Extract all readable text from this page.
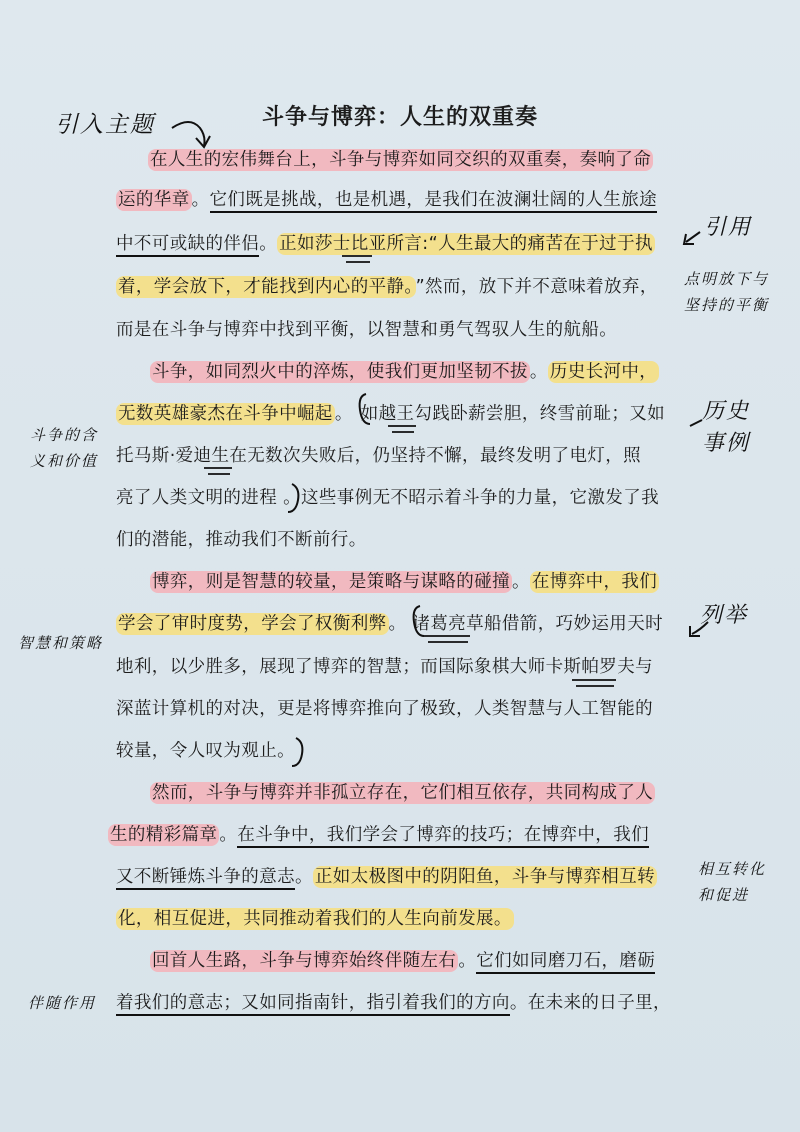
斗争与博弈：人生的双重奏
引入主题
引用
点明放下与
坚持的平衡
斗争的含
义和价值
历史
事例
智慧和策略
列举
相互转化
和促进
伴随作用
在人生的宏伟舞台上，斗争与博弈如同交织的双重奏，奏响了命
运的华章 。它们既是挑战，也是机遇，是我们在波澜壮阔的人生旅途
中不可或缺的伴侣。 正如莎士比亚所言:“人生最大的痛苦在于过于执
着，学会放下，才能找到内心的平静。 ”然而，放下并不意味着放弃，
而是在斗争与博弈中找到平衡，以智慧和勇气驾驭人生的航船。
斗争，如同烈火中的淬炼，使我们更加坚韧不拔 。 历史长河中，
无数英雄豪杰在斗争中崛起 。 如越王勾践卧薪尝胆，终雪前耻；又如
托马斯·爱迪生在无数次失败后，仍坚持不懈，最终发明了电灯，照
亮了人类文明的进程 。这些事例无不昭示着斗争的力量，它激发了我
们的潜能，推动我们不断前行。
博弈，则是智慧的较量，是策略与谋略的碰撞 。 在博弈中，我们
学会了审时度势，学会了权衡利弊 。 诸葛亮草船借箭，巧妙运用天时
地利，以少胜多，展现了博弈的智慧；而国际象棋大师卡斯帕罗夫与
深蓝计算机的对决，更是将博弈推向了极致，人类智慧与人工智能的
较量，令人叹为观止。
然而，斗争与博弈并非孤立存在，它们相互依存，共同构成了人
生的精彩篇章 。在斗争中，我们学会了博弈的技巧；在博弈中，我们
又不断锤炼斗争的意志。 正如太极图中的阴阳鱼，斗争与博弈相互转
化，相互促进，共同推动着我们的人生向前发展。
回首人生路，斗争与博弈始终伴随左右 。它们如同磨刀石，磨砺
着我们的意志；又如同指南针，指引着我们的方向。在未来的日子里，
